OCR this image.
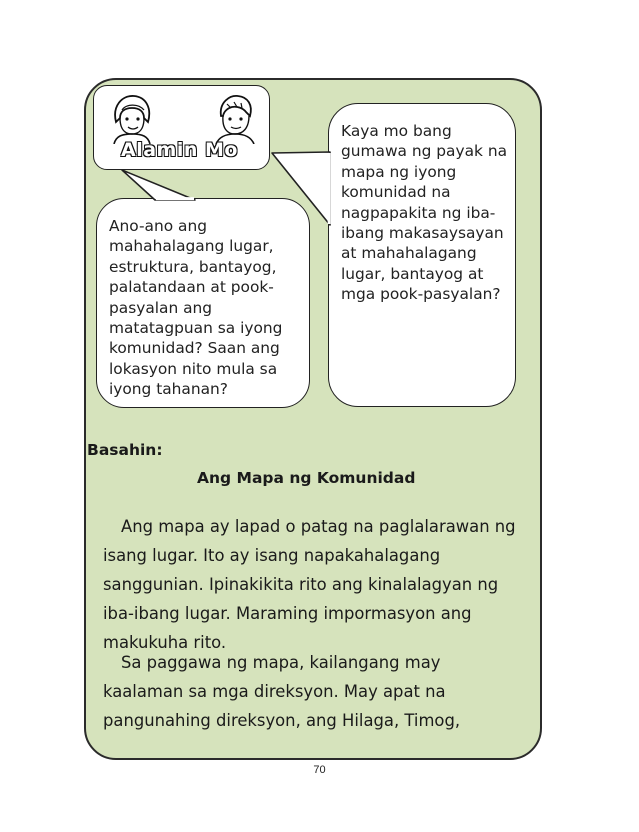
Ano-ano ang mahahalagang lugar, estruktura, bantayog, palatandaan at pook-pasyalan ang matatagpuan sa iyong komunidad? Saan ang lokasyon nito mula sa iyong tahanan?

Kaya mo bang gumawa ng payak na mapa ng iyong komunidad na nagpapakita ng iba-ibang makasaysayan at mahahalagang lugar, bantayog at mga pook-pasyalan?

Alamin Mo
Basahin:
Ang Mapa ng Komunidad

Ang mapa ay lapad o patag na paglalarawan ng isang lugar. Ito ay isang napakahalagang sanggunian. Ipinakikita rito ang kinalalagyan ng iba-ibang lugar. Maraming impormasyon ang makukuha rito.

Sa paggawa ng mapa, kailangang may kaalaman sa mga direksyon. May apat na pangunahing direksyon, ang Hilaga, Timog,

70
